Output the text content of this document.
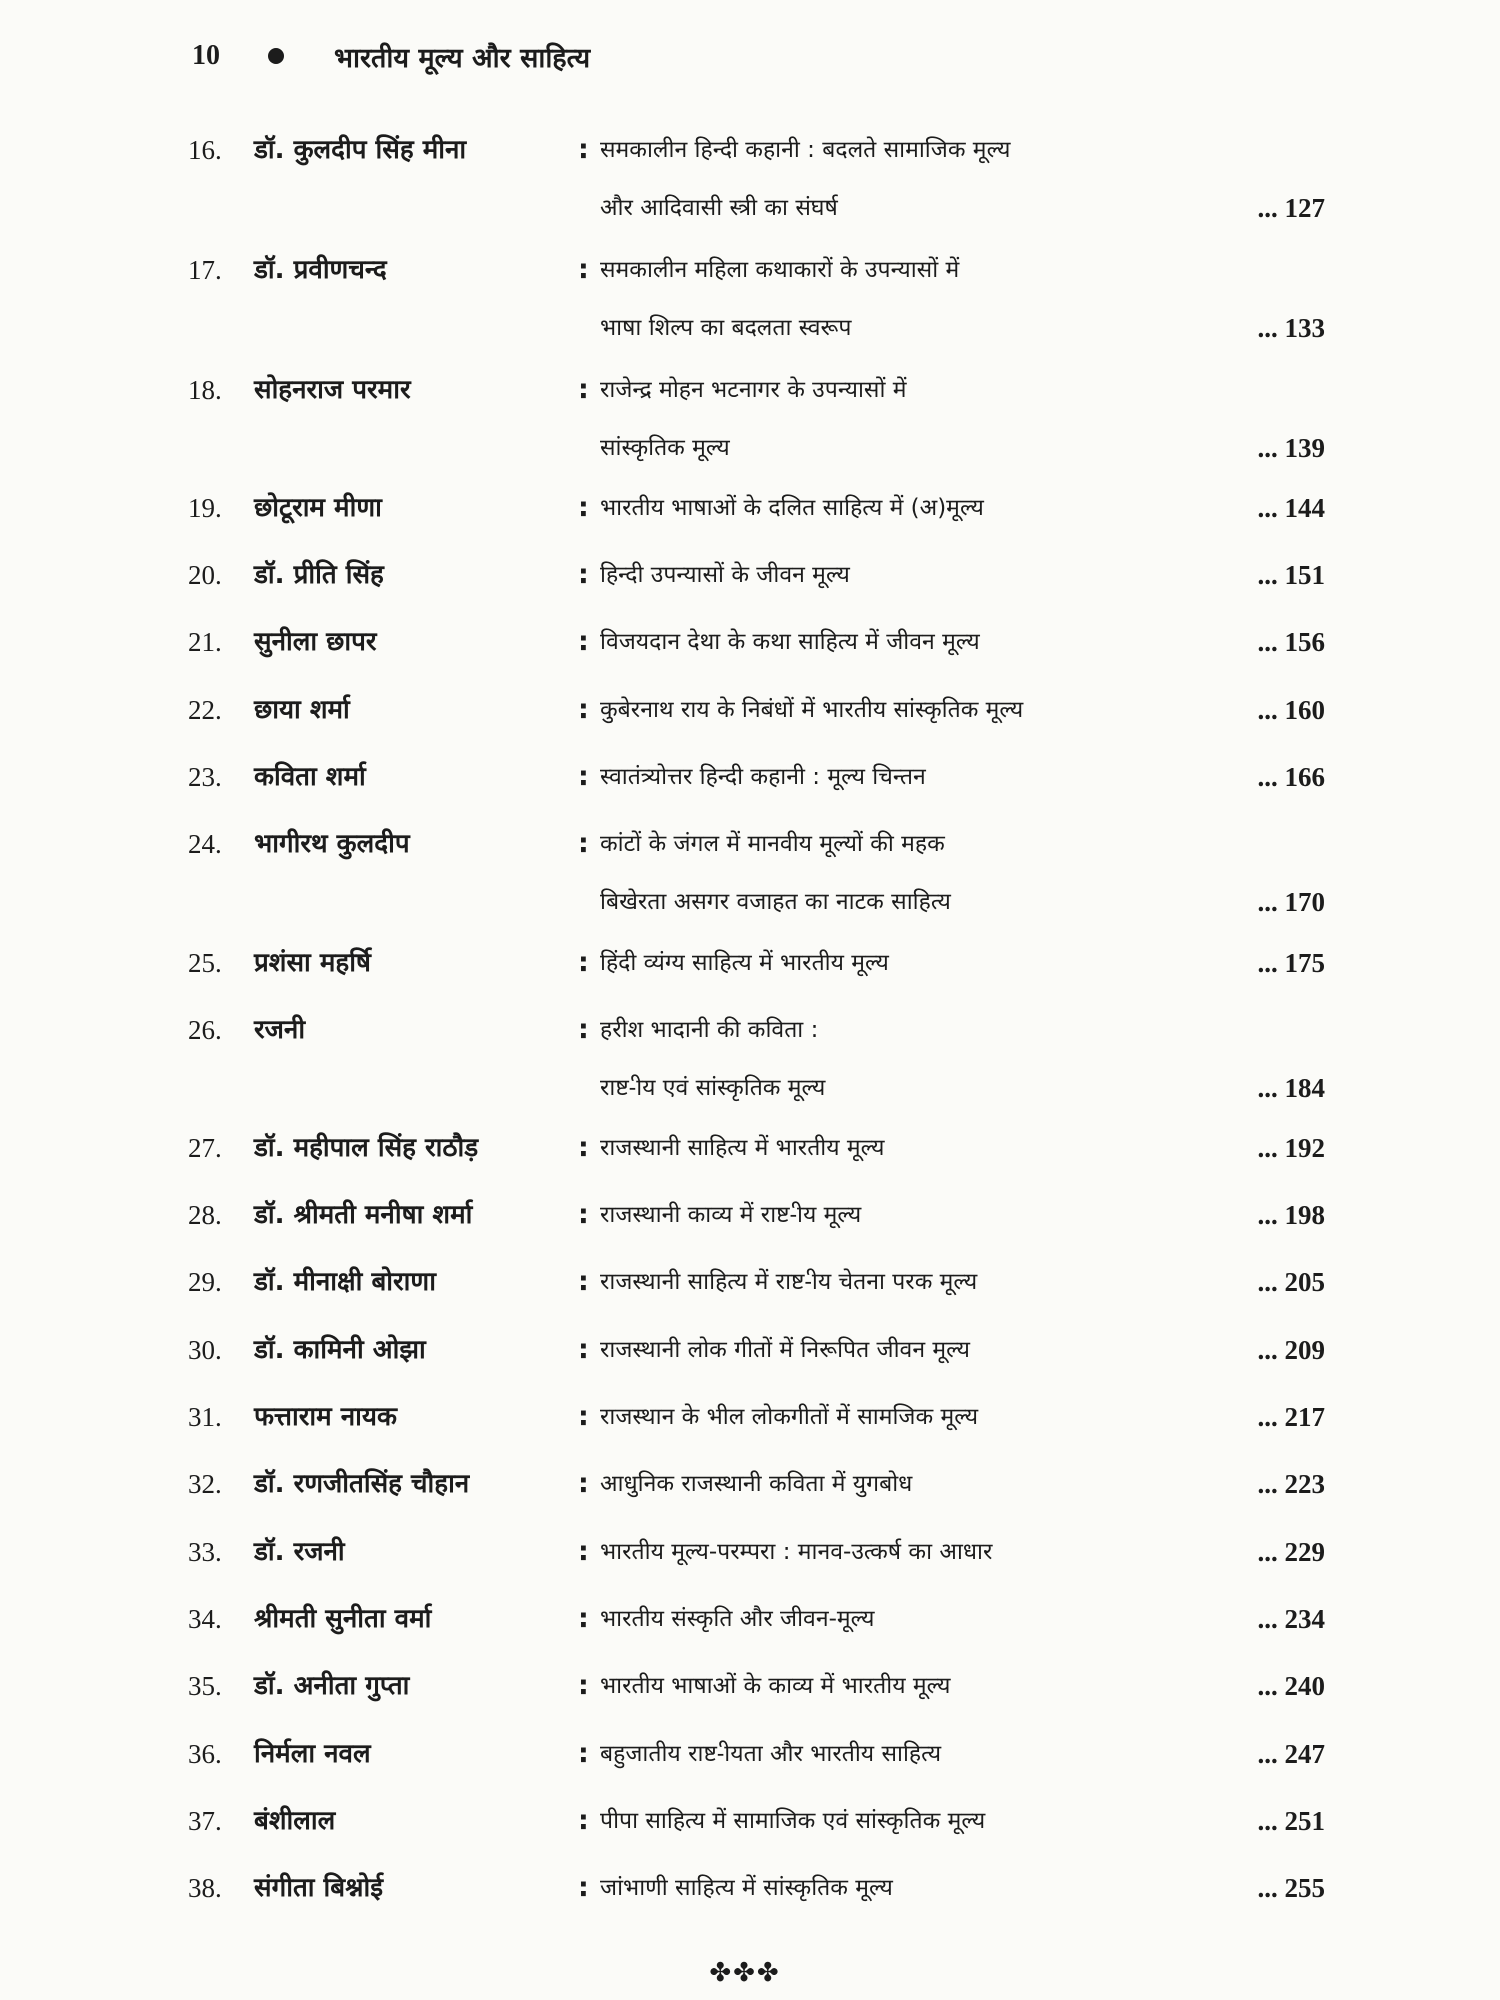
10	भारतीय मूल्य और साहित्य
16.	डॉ. कुलदीप सिंह मीना	: समकालीन हिन्दी कहानी : बदलते सामाजिक मूल्य
और आदिवासी स्त्री का संघर्ष	... 127
17.	डॉ. प्रवीणचन्द	: समकालीन महिला कथाकारों के उपन्यासों में
भाषा शिल्प का बदलता स्वरूप	... 133
18.	सोहनराज परमार	: राजेन्द्र मोहन भटनागर के उपन्यासों में
सांस्कृतिक मूल्य	... 139
19.	छोटूराम मीणा	: भारतीय भाषाओं के दलित साहित्य में (अ)मूल्य	... 144
20.	डॉ. प्रीति सिंह	: हिन्दी उपन्यासों के जीवन मूल्य	... 151
21.	सुनीला छापर	: विजयदान देथा के कथा साहित्य में जीवन मूल्य	... 156
22.	छाया शर्मा	: कुबेरनाथ राय के निबंधों में भारतीय सांस्कृतिक मूल्य	... 160
23.	कविता शर्मा	: स्वातंत्र्योत्तर हिन्दी कहानी : मूल्य चिन्तन	... 166
24.	भागीरथ कुलदीप	: कांटों के जंगल में मानवीय मूल्यों की महक
बिखेरता असगर वजाहत का नाटक साहित्य	... 170
25.	प्रशंसा महर्षि	: हिंदी व्यंग्य साहित्य में भारतीय मूल्य	... 175
26.	रजनी	: हरीश भादानी की कविता :
राष्ट-ीय एवं सांस्कृतिक मूल्य	... 184
27.	डॉ. महीपाल सिंह राठौड़	: राजस्थानी साहित्य में भारतीय मूल्य	... 192
28.	डॉ. श्रीमती मनीषा शर्मा	: राजस्थानी काव्य में राष्ट-ीय मूल्य	... 198
29.	डॉ. मीनाक्षी बोराणा	: राजस्थानी साहित्य में राष्ट-ीय चेतना परक मूल्य	... 205
30.	डॉ. कामिनी ओझा	: राजस्थानी लोक गीतों में निरूपित जीवन मूल्य	... 209
31.	फत्ताराम नायक	: राजस्थान के भील लोकगीतों में सामजिक मूल्य	... 217
32.	डॉ. रणजीतसिंह चौहान	: आधुनिक राजस्थानी कविता में युगबोध	... 223
33.	डॉ. रजनी	: भारतीय मूल्य-परम्परा : मानव-उत्कर्ष का आधार	... 229
34.	श्रीमती सुनीता वर्मा	: भारतीय संस्कृति और जीवन-मूल्य	... 234
35.	डॉ. अनीता गुप्ता	: भारतीय भाषाओं के काव्य में भारतीय मूल्य	... 240
36.	निर्मला नवल	: बहुजातीय राष्ट-ीयता और भारतीय साहित्य	... 247
37.	बंशीलाल	: पीपा साहित्य में सामाजिक एवं सांस्कृतिक मूल्य	... 251
38.	संगीता बिश्नोई	: जांभाणी साहित्य में सांस्कृतिक मूल्य	... 255
✤✤✤
